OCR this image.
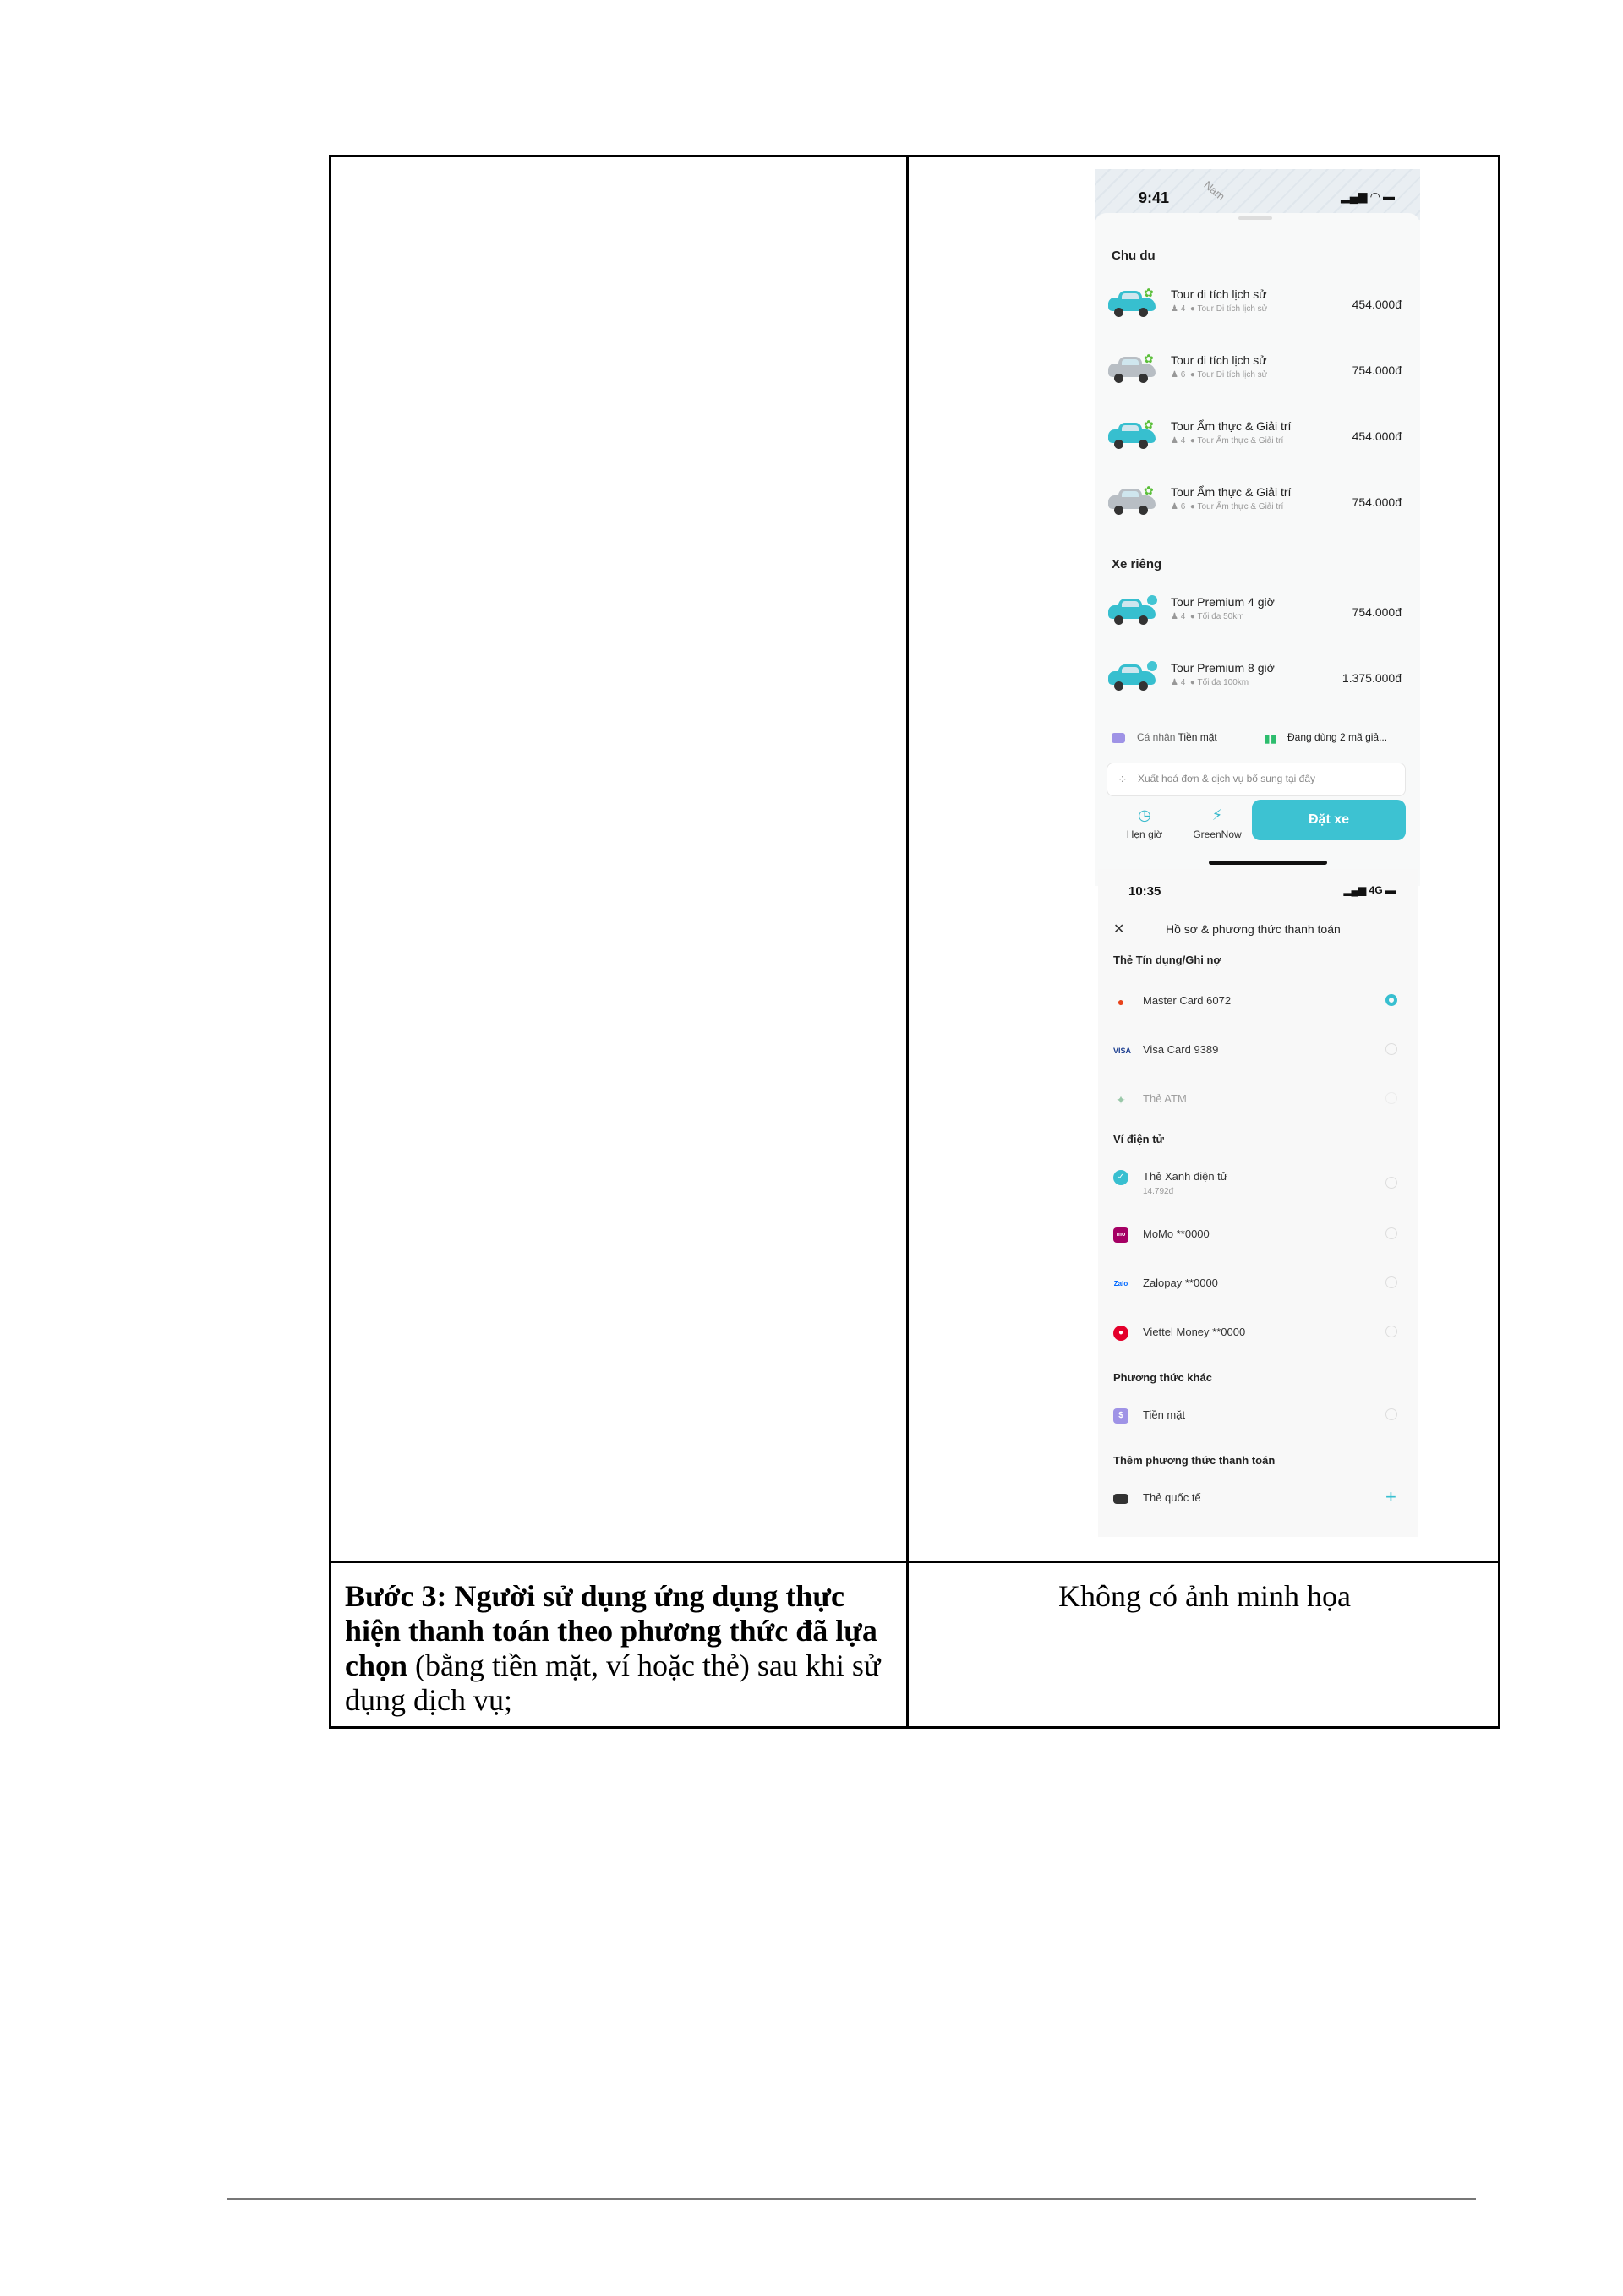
Bước 3: Người sử dụng ứng dụng thực hiện thanh toán theo phương thức đã lựa chọn (bằng tiền mặt, ví hoặc thẻ) sau khi sử dụng dịch vụ;
Không có ảnh minh họa
Nam
9:41	▂▄▆ ◠ ▬
Chu du
✿ Tour di tích lịch sử
♟ 4 ● Tour Di tích lịch sử	454.000đ
✿ Tour di tích lịch sử
♟ 6 ● Tour Di tích lịch sử	754.000đ
✿ Tour Ẩm thực & Giải trí
♟ 4 ● Tour Ẩm thực & Giải trí	454.000đ
✿ Tour Ẩm thực & Giải trí
♟ 6 ● Tour Ẩm thực & Giải trí	754.000đ
Xe riêng
Tour Premium 4 giờ
♟ 4 ● Tối đa 50km	754.000đ
Tour Premium 8 giờ
♟ 4 ● Tối đa 100km	1.375.000đ
Cá nhân Tiền mặt	▮▮ Đang dùng 2 mã giả...
⁘ Xuất hoá đơn & dịch vụ bổ sung tại đây
◷
Hẹn giờ
⚡
GreenNow
Đặt xe
10:35	▂▄▆ 4G ▬
✕	Hồ sơ & phương thức thanh toán
Thẻ Tín dụng/Ghi nợ
●	Master Card 6072
VISA Visa Card 9389
✦ Thẻ ATM
Ví điện tử
✓	Thẻ Xanh điện tử
14.792đ
mo MoMo **0000
Zalo Zalopay **0000
●	Viettel Money **0000
Phương thức khác
$	Tiền mặt
Thêm phương thức thanh toán
Thẻ quốc tế	+
